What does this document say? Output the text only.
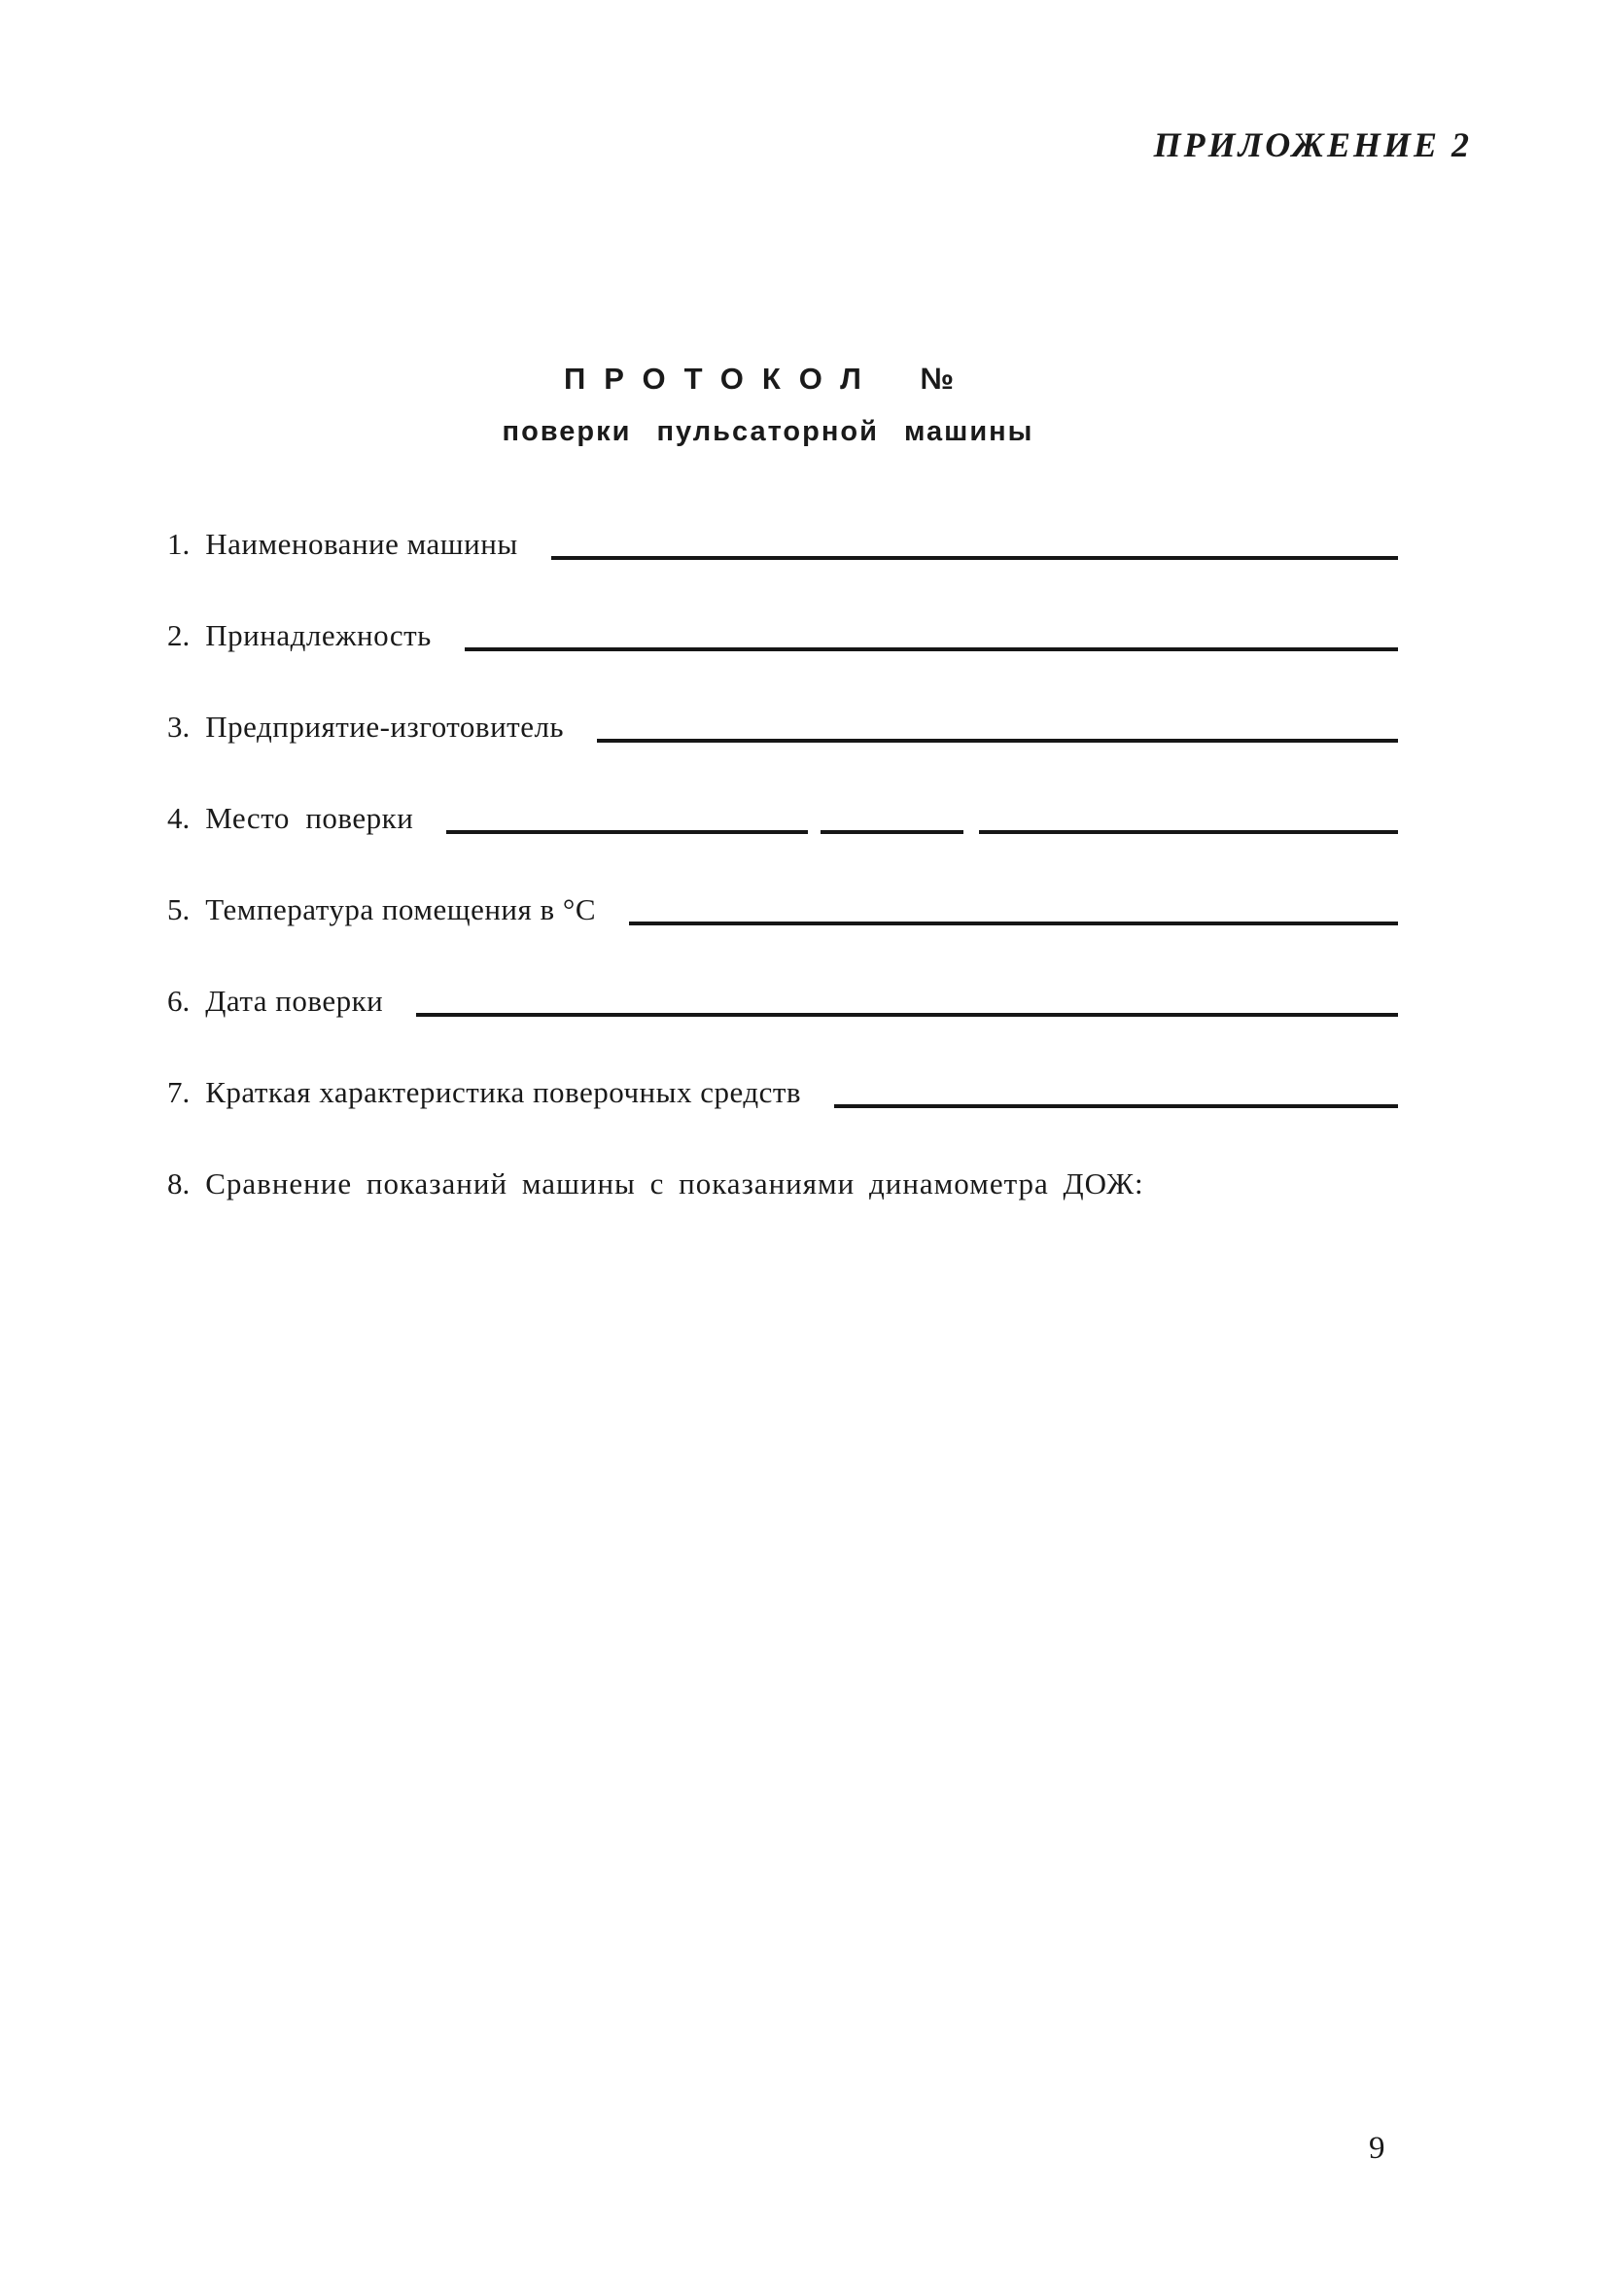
ПРИЛОЖЕНИЕ 2
ПРОТОКОЛ №
поверки пульсаторной машины
1. Наименование машины
2. Принадлежность
3. Предприятие-изготовитель
4. Место  поверки
5. Температура помещения в °С
6. Дата поверки
7. Краткая характеристика поверочных средств
8. Сравнение показаний машины с показаниями динамометра ДОЖ:
9
